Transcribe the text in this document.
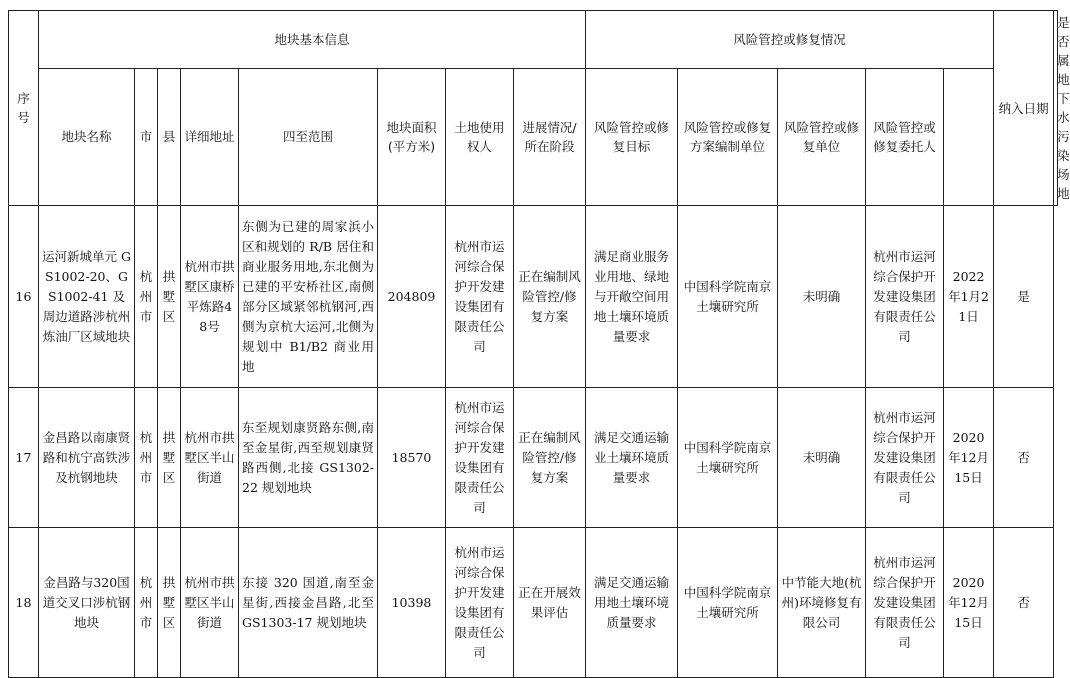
序号	地块基本信息								风险管控或修复情况					纳入日期	是否属地下水污染场地
	地块名称	市	县	详细地址	四至范围	地块面积(平方米)	土地使用权人	进展情况/所在阶段	风险管控或修复目标	风险管控或修复方案编制单位	风险管控或修复单位	风险管控或修复委托人			
16	运河新城单元 GS1002-20、GS1002-41 及周边道路涉杭州炼油厂区域地块	杭州市	拱墅区	杭州市拱墅区康桥平炼路48号	东侧为已建的周家浜小区和规划的 R/B 居住和商业服务用地,东北侧为已建的平安桥社区,南侧部分区域紧邻杭钢河,西侧为京杭大运河,北侧为规划中 B1/B2 商业用地	204809	杭州市运河综合保护开发建设集团有限责任公司	正在编制风险管控/修复方案	满足商业服务业用地、绿地与开敞空间用地土壤环境质量要求	中国科学院南京土壤研究所	未明确	杭州市运河综合保护开发建设集团有限责任公司	2022年1月21日	是	
17	金昌路以南康贤路和杭宁高铁涉及杭钢地块	杭州市	拱墅区	杭州市拱墅区半山街道	东至规划康贤路东侧,南至金星街,西至规划康贤路西侧,北接 GS1302-22 规划地块	18570	杭州市运河综合保护开发建设集团有限责任公司	正在编制风险管控/修复方案	满足交通运输业土壤环境质量要求	中国科学院南京土壤研究所	未明确	杭州市运河综合保护开发建设集团有限责任公司	2020年12月15日	否	
18	金昌路与320国道交叉口涉杭钢地块	杭州市	拱墅区	杭州市拱墅区半山街道	东接 320 国道,南至金星街,西接金昌路,北至 GS1303-17 规划地块	10398	杭州市运河综合保护开发建设集团有限责任公司	正在开展效果评估	满足交通运输用地土壤环境质量要求	中国科学院南京土壤研究所	中节能大地(杭州)环境修复有限公司	杭州市运河综合保护开发建设集团有限责任公司	2020年12月15日	否	
